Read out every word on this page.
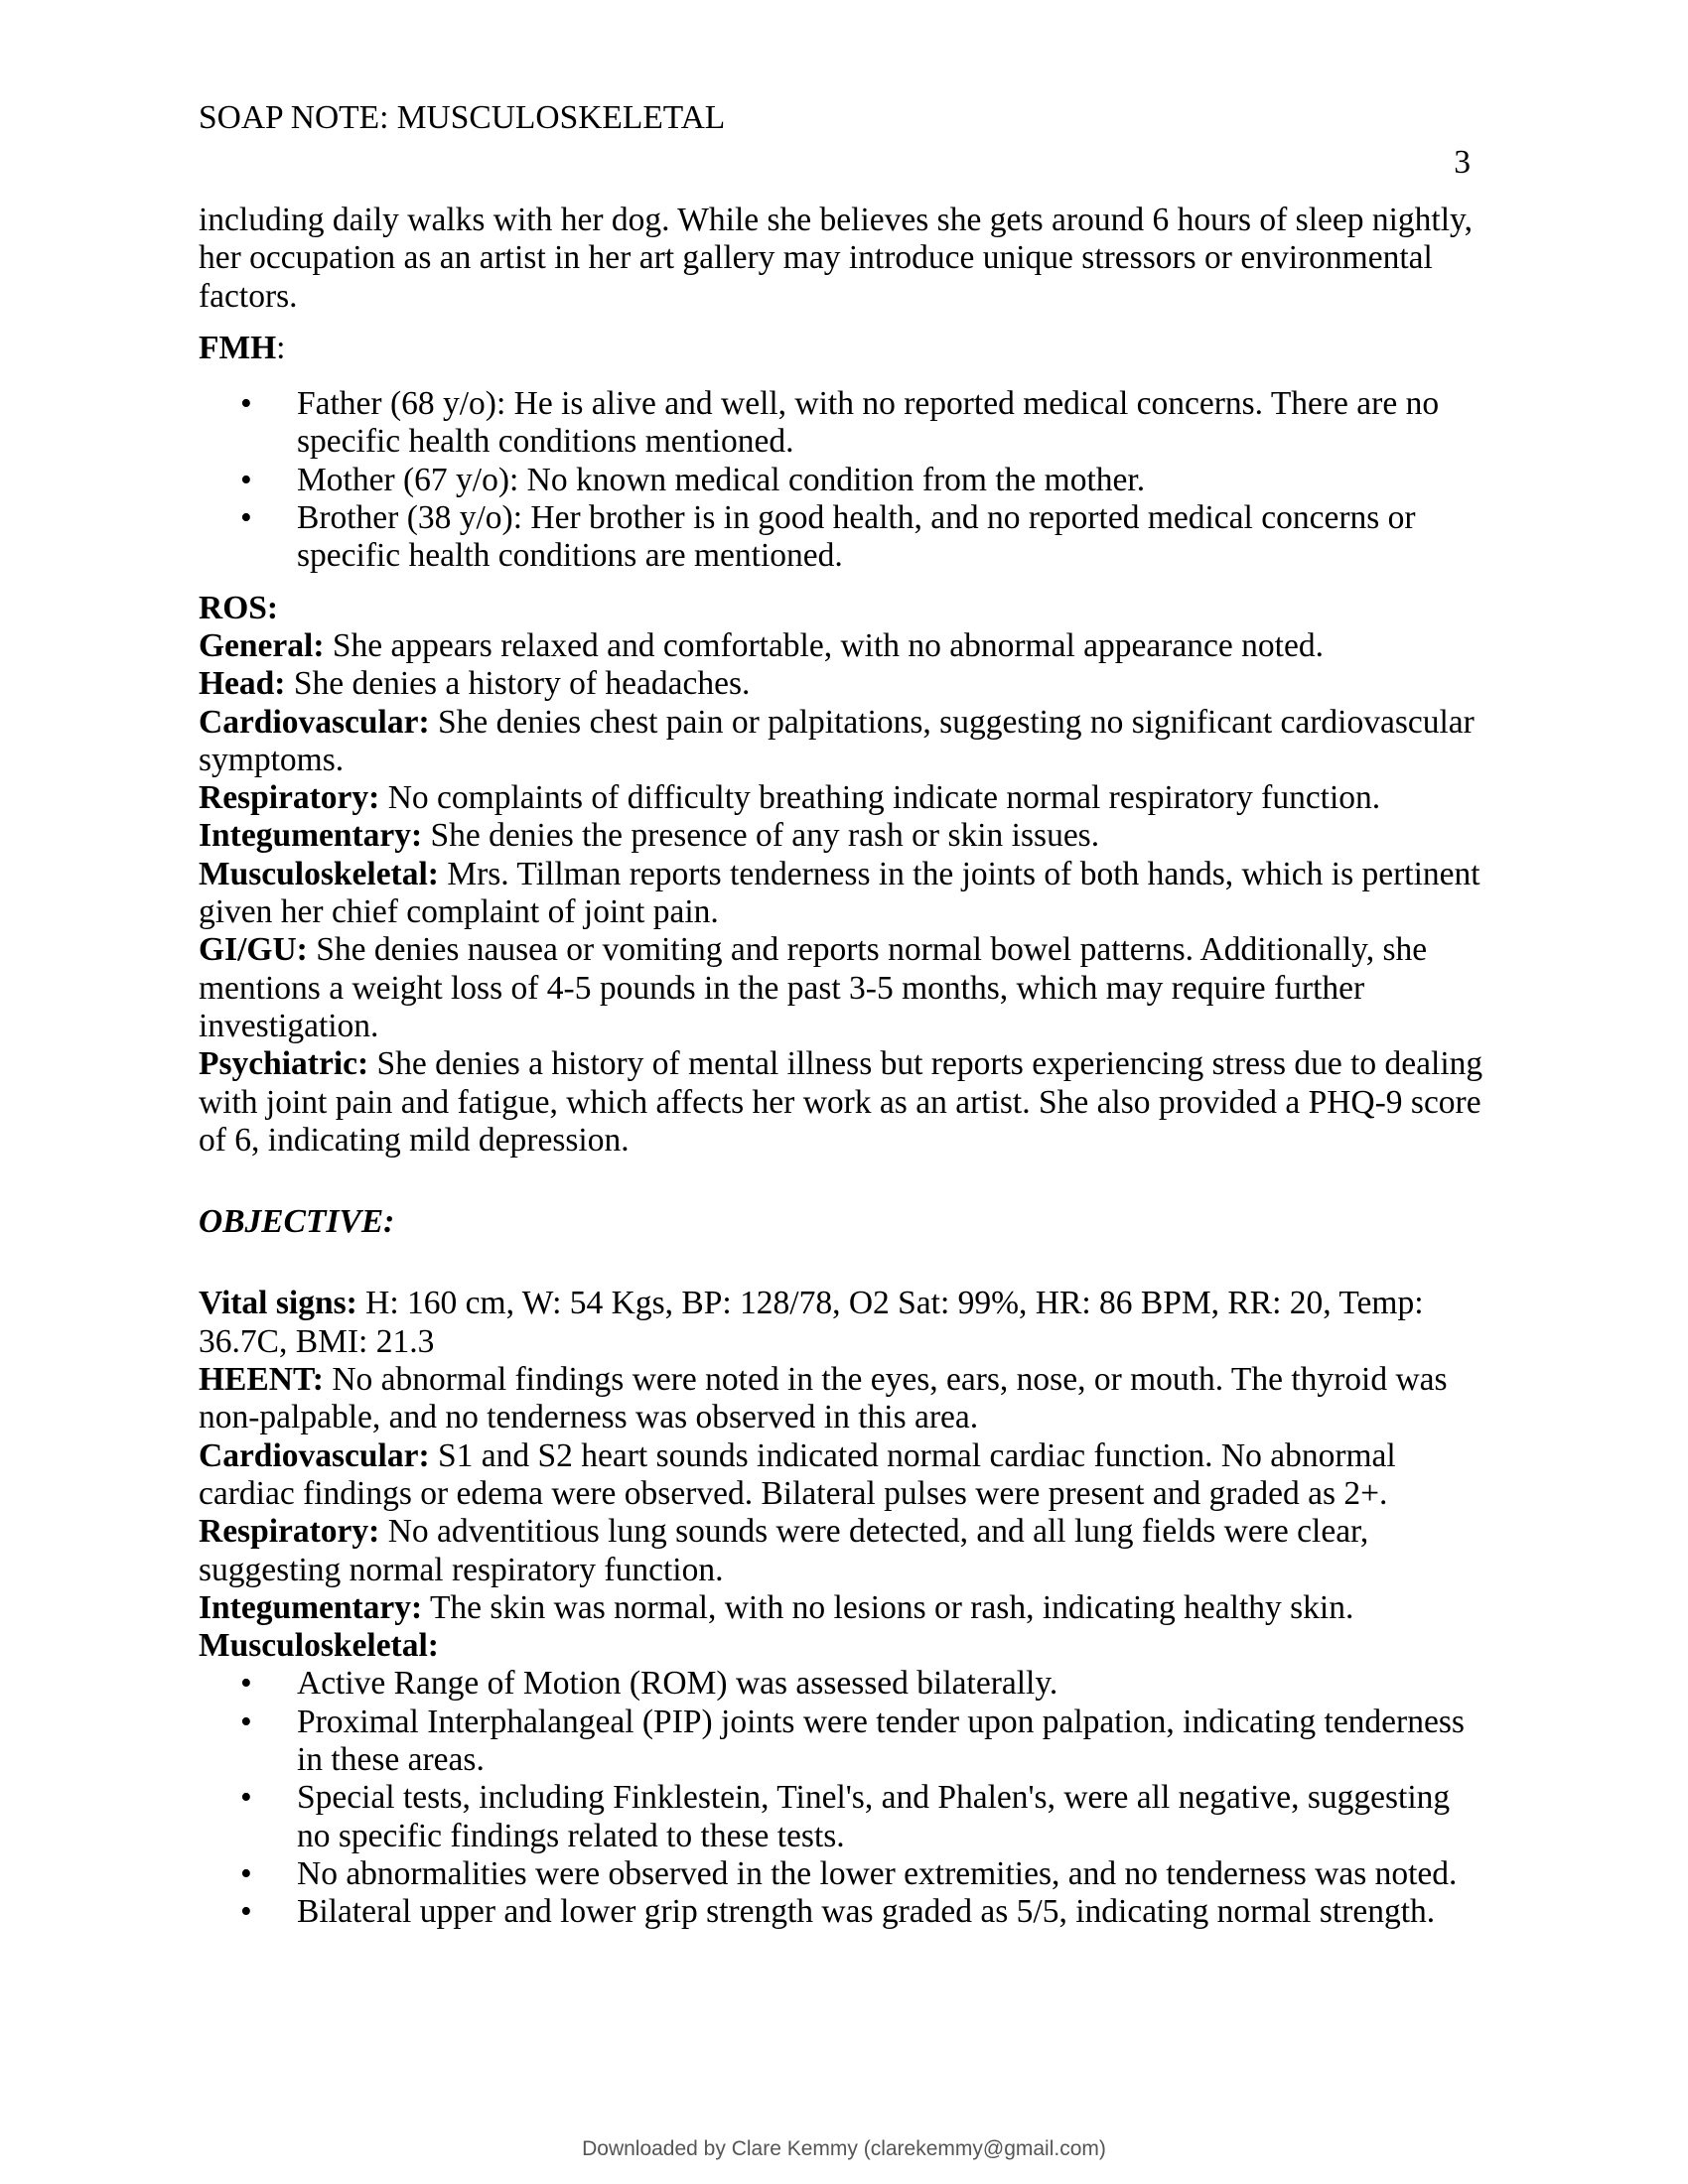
SOAP NOTE: MUSCULOSKELETAL
3

including daily walks with her dog. While she believes she gets around 6 hours of sleep nightly, her occupation as an artist in her art gallery may introduce unique stressors or environmental factors.

FMH:

• Father (68 y/o): He is alive and well, with no reported medical concerns. There are no specific health conditions mentioned.
• Mother (67 y/o): No known medical condition from the mother.
• Brother (38 y/o): Her brother is in good health, and no reported medical concerns or specific health conditions are mentioned.

ROS:

General: She appears relaxed and comfortable, with no abnormal appearance noted.

Head: She denies a history of headaches.

Cardiovascular: She denies chest pain or palpitations, suggesting no significant cardiovascular symptoms.

Respiratory: No complaints of difficulty breathing indicate normal respiratory function.

Integumentary: She denies the presence of any rash or skin issues.

Musculoskeletal: Mrs. Tillman reports tenderness in the joints of both hands, which is pertinent given her chief complaint of joint pain.

GI/GU: She denies nausea or vomiting and reports normal bowel patterns. Additionally, she mentions a weight loss of 4-5 pounds in the past 3-5 months, which may require further investigation.

Psychiatric: She denies a history of mental illness but reports experiencing stress due to dealing with joint pain and fatigue, which affects her work as an artist. She also provided a PHQ-9 score of 6, indicating mild depression.

OBJECTIVE:

Vital signs: H: 160 cm, W: 54 Kgs, BP: 128/78, O2 Sat: 99%, HR: 86 BPM, RR: 20, Temp: 36.7C, BMI: 21.3

HEENT: No abnormal findings were noted in the eyes, ears, nose, or mouth. The thyroid was non-palpable, and no tenderness was observed in this area.

Cardiovascular: S1 and S2 heart sounds indicated normal cardiac function. No abnormal cardiac findings or edema were observed. Bilateral pulses were present and graded as 2+.

Respiratory: No adventitious lung sounds were detected, and all lung fields were clear, suggesting normal respiratory function.

Integumentary: The skin was normal, with no lesions or rash, indicating healthy skin.

Musculoskeletal:

• Active Range of Motion (ROM) was assessed bilaterally.
• Proximal Interphalangeal (PIP) joints were tender upon palpation, indicating tenderness in these areas.
• Special tests, including Finklestein, Tinel's, and Phalen's, were all negative, suggesting no specific findings related to these tests.
• No abnormalities were observed in the lower extremities, and no tenderness was noted.
• Bilateral upper and lower grip strength was graded as 5/5, indicating normal strength.
Downloaded by Clare Kemmy (clarekemmy@gmail.com)
